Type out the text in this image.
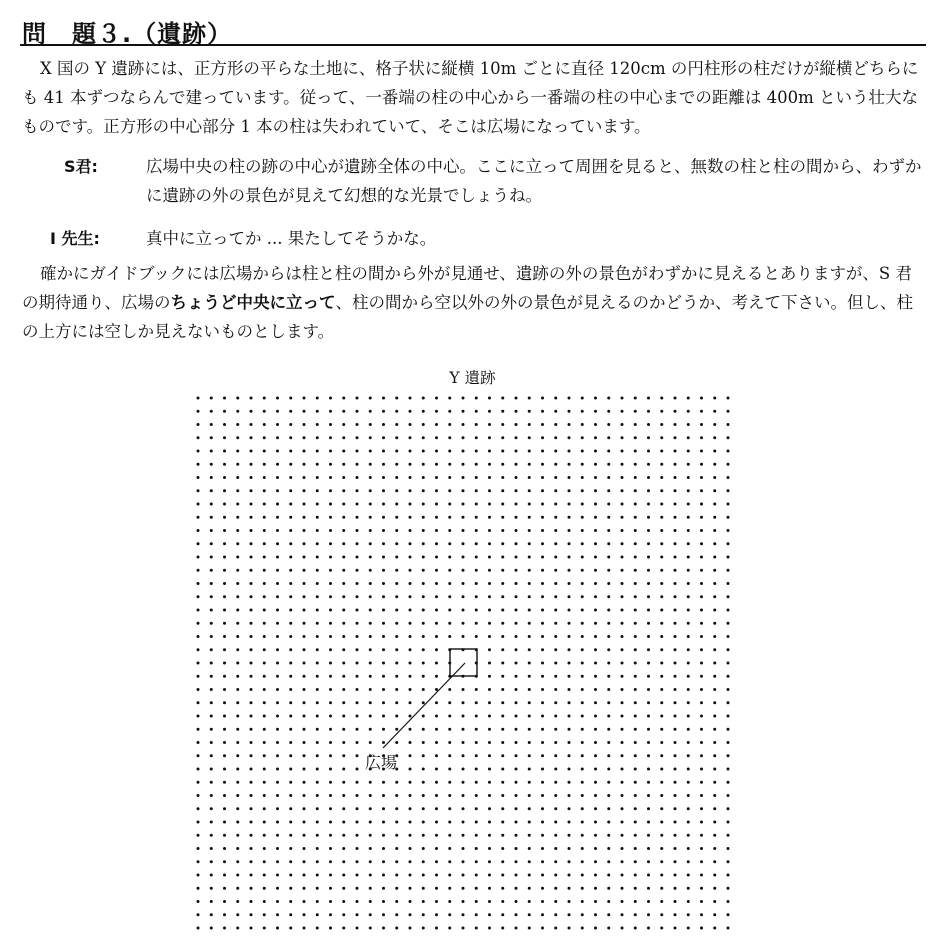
問　題３.（遺跡）

X 国の Y 遺跡には、正方形の平らな土地に、格子状に縦横 10m ごとに直径 120cm の円柱形の柱だけが縦横どちらにも 41 本ずつならんで建っています。従って、一番端の柱の中心から一番端の柱の中心までの距離は 400m という壮大なものです。正方形の中心部分 1 本の柱は失われていて、そこは広場になっています。

S君:	広場中央の柱の跡の中心が遺跡全体の中心。ここに立って周囲を見ると、無数の柱と柱の間から、わずかに遺跡の外の景色が見えて幻想的な光景でしょうね。
I 先生:	真中に立ってか ... 果たしてそうかな。

確かにガイドブックには広場からは柱と柱の間から外が見通せ、遺跡の外の景色がわずかに見えるとありますが、S 君の期待通り、広場のちょうど中央に立って、柱の間から空以外の外の景色が見えるのかどうか、考えて下さい。但し、柱の上方には空しか見えないものとします。

Y 遺跡
広場
